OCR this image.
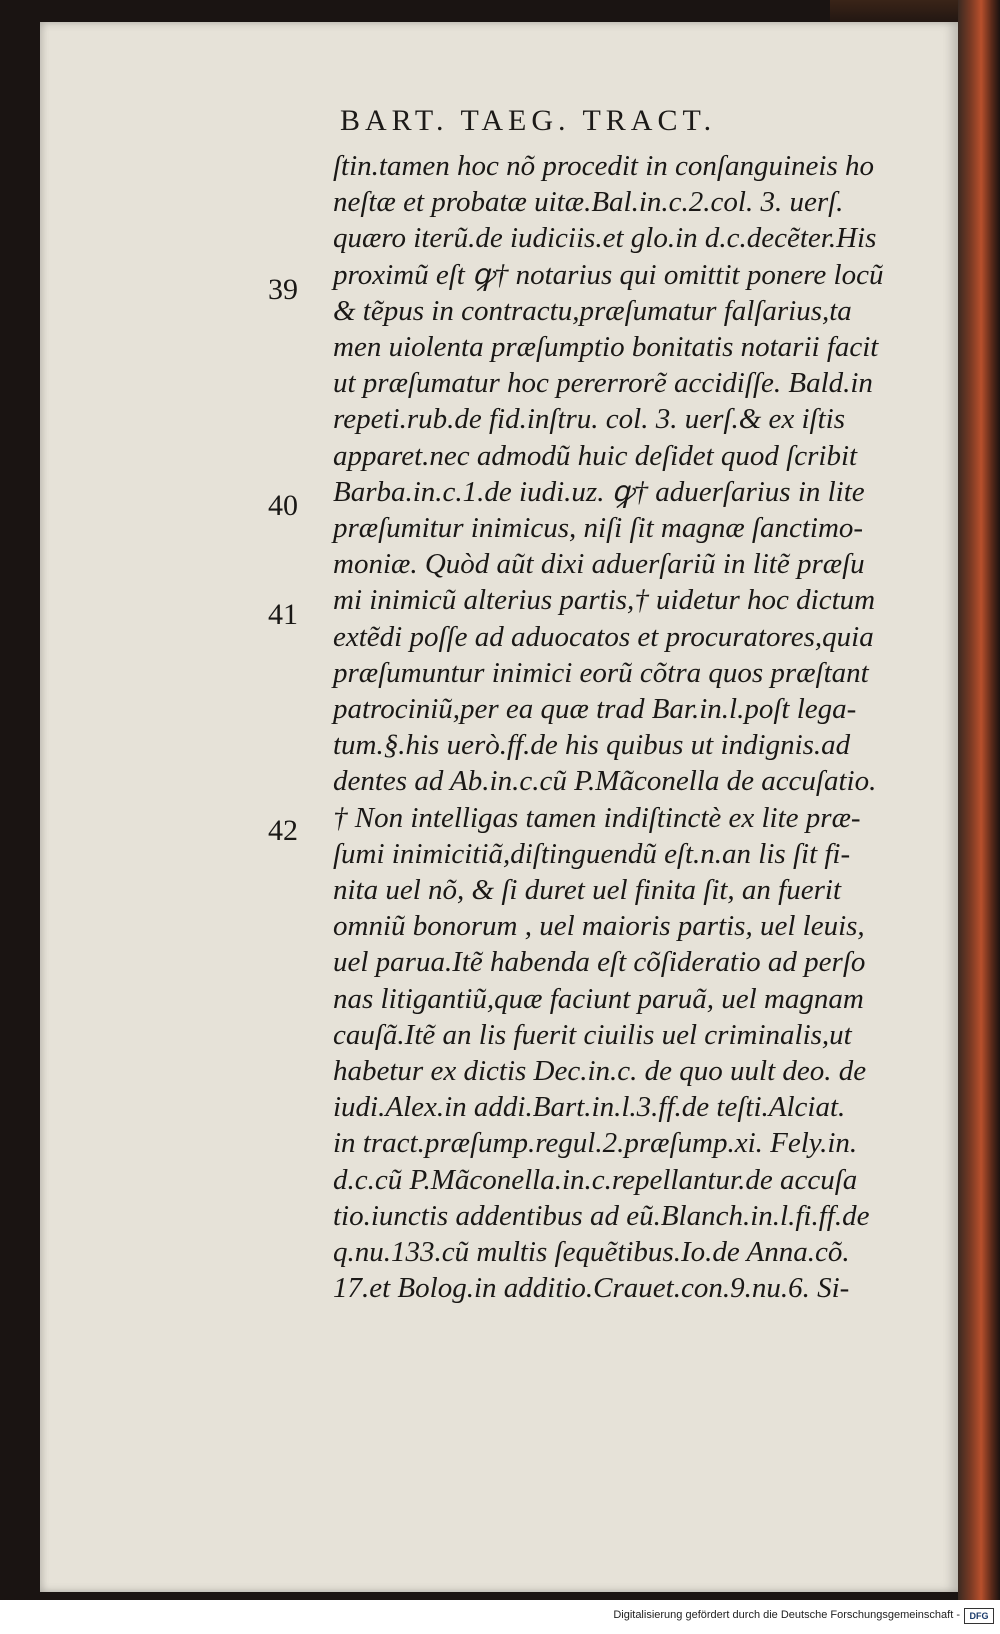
BART. TAEG. TRACT.
39
40
41
42
ſtin.tamen hoc nõ procedit in conſanguineis ho
neſtæ et probatæ uitæ.Bal.in.c.2.col. 3. uerſ.
quæro iterũ.de iudiciis.et glo.in d.c.decẽter.His
proximũ eſt ꝙ† notarius qui omittit ponere locũ
& tẽpus in contractu,præſumatur falſarius,ta
men uiolenta præſumptio bonitatis notarii facit
ut præſumatur hoc pererrorẽ accidiſſe. Bald.in
repeti.rub.de fid.inſtru. col. 3. uerſ.& ex iſtis
apparet.nec admodũ huic deſidet quod ſcribit
Barba.in.c.1.de iudi.uz. ꝙ† aduerſarius in lite
præſumitur inimicus, niſi ſit magnæ ſanctimo-
moniæ. Quòd aũt dixi aduerſariũ in litẽ præſu
mi inimicũ alterius partis,† uidetur hoc dictum
extẽdi poſſe ad aduocatos et procuratores,quia
præſumuntur inimici eorũ cõtra quos præſtant
patrociniũ,per ea quæ trad Bar.in.l.poſt lega-
tum.§.his uerò.ff.de his quibus ut indignis.ad
dentes ad Ab.in.c.cũ P.Mãconella de accuſatio.
† Non intelligas tamen indiſtinctè ex lite præ-
ſumi inimicitiã,diſtinguendũ eſt.n.an lis ſit fi-
nita uel nõ, & ſi duret uel finita ſit, an fuerit
omniũ bonorum , uel maioris partis, uel leuis,
uel parua.Itẽ habenda eſt cõſideratio ad perſo
nas litigantiũ,quæ faciunt paruã, uel magnam
cauſã.Itẽ an lis fuerit ciuilis uel criminalis,ut
habetur ex dictis Dec.in.c. de quo uult deo. de
iudi.Alex.in addi.Bart.in.l.3.ff.de teſti.Alciat.
in tract.præſump.regul.2.præſump.xi. Fely.in.
d.c.cũ P.Mãconella.in.c.repellantur.de accuſa
tio.iunctis addentibus ad eũ.Blanch.in.l.fi.ff.de
q.nu.133.cũ multis ſequẽtibus.Io.de Anna.cõ.
17.et Bolog.in additio.Crauet.con.9.nu.6. Si-
Digitalisierung gefördert durch die Deutsche Forschungsgemeinschaft -	DFG
